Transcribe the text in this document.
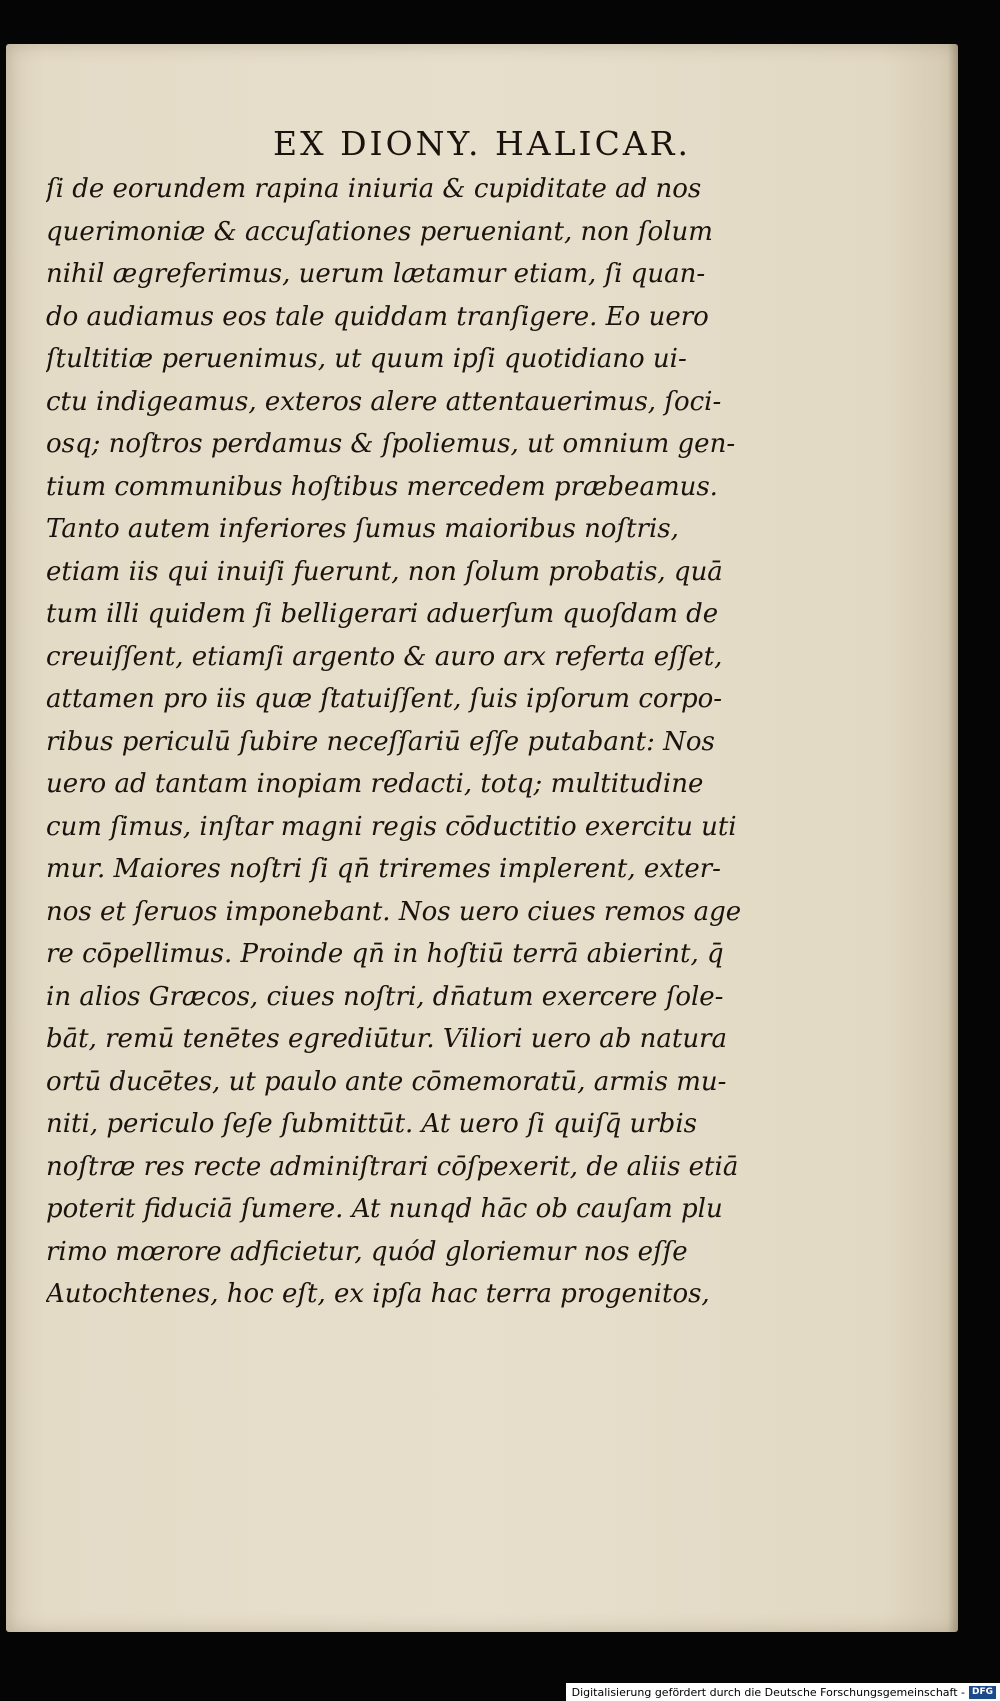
EX DIONY. HALICAR.
ſi de eorundem rapina iniuria & cupiditate ad nos
querimoniæ & accuſationes perueniant, non ſolum
nihil ægreferimus, uerum lætamur etiam, ſi quan-
do audiamus eos tale quiddam tranſigere. Eo uero
ſtultitiæ peruenimus, ut quum ipſi quotidiano ui-
ctu indigeamus, exteros alere attentauerimus, ſoci-
osq; noſtros perdamus & ſpoliemus, ut omnium gen-
tium communibus hoſtibus mercedem præbeamus.
Tanto autem inferiores ſumus maioribus noſtris,
etiam iis qui inuiſi fuerunt, non ſolum probatis, quā
tum illi quidem ſi belligerari aduerſum quoſdam de
creuiſſent, etiamſi argento & auro arx referta eſſet,
attamen pro iis quæ ſtatuiſſent, ſuis ipſorum corpo-
ribus periculū ſubire neceſſariū eſſe putabant: Nos
uero ad tantam inopiam redacti, totq; multitudine
cum ſimus, inſtar magni regis cōductitio exercitu uti
mur. Maiores noſtri ſi qn̄ triremes implerent, exter-
nos et ſeruos imponebant. Nos uero ciues remos age
re cōpellimus. Proinde qn̄ in hoſtiū terrā abierint, q̄
in alios Græcos, ciues noſtri, dn̄atum exercere ſole-
bāt, remū tenētes egrediūtur. Viliori uero ab natura
ortū ducētes, ut paulo ante cōmemoratū, armis mu-
niti, periculo ſeſe ſubmittūt. At uero ſi quiſq̄ urbis
noſtræ res recte adminiſtrari cōſpexerit, de aliis etiā
poterit fiduciā ſumere. At nunqd hāc ob cauſam plu
rimo mœrore adficietur, quód gloriemur nos eſſe
Autochtenes, hoc eſt, ex ipſa hac terra progenitos,
Digitalisierung gefördert durch die Deutsche Forschungsgemeinschaft - DFG
